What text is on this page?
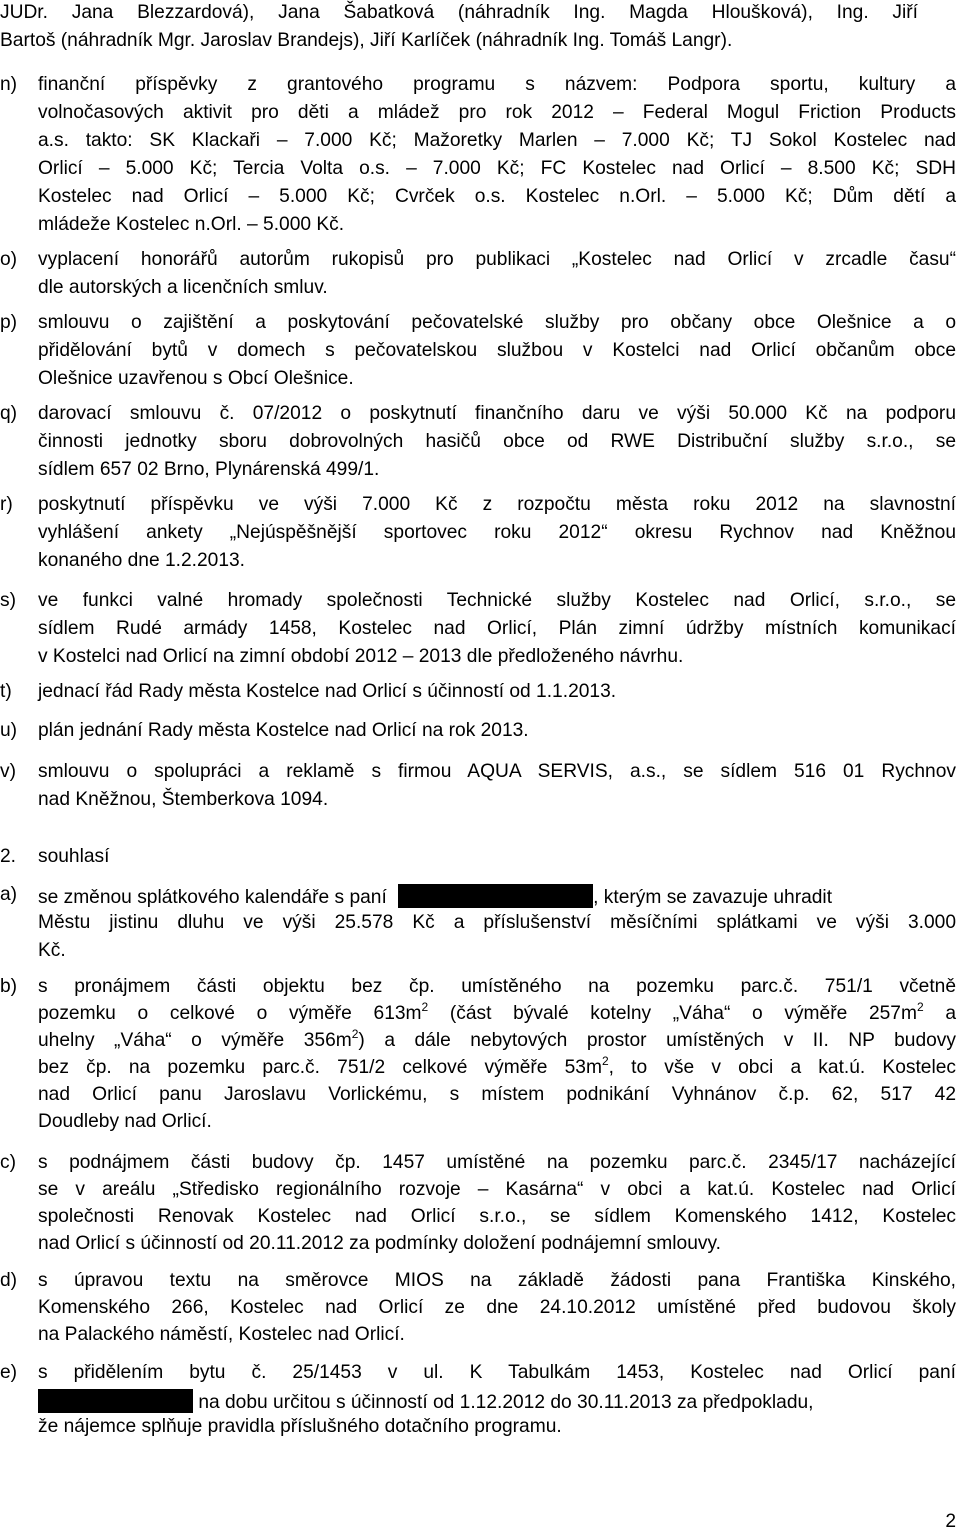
JUDr. Jana Blezzardová), Jana Šabatková (náhradník Ing. Magda Hloušková), Ing. Jiří
Bartoš (náhradník Mgr. Jaroslav Brandejs), Jiří Karlíček (náhradník Ing. Tomáš Langr).
n) finanční příspěvky z grantového programu s názvem: Podpora sportu, kultury a
volnočasových aktivit pro děti a mládež pro rok 2012 – Federal Mogul Friction Products
a.s. takto: SK Klackaři – 7.000 Kč; Mažoretky Marlen – 7.000 Kč; TJ Sokol Kostelec nad
Orlicí – 5.000 Kč; Tercia Volta o.s. – 7.000 Kč; FC Kostelec nad Orlicí – 8.500 Kč; SDH
Kostelec nad Orlicí – 5.000 Kč; Cvrček o.s. Kostelec n.Orl. – 5.000 Kč; Dům dětí a
mládeže Kostelec n.Orl. – 5.000 Kč.
o) vyplacení honorářů autorům rukopisů pro publikaci „Kostelec nad Orlicí v zrcadle času“
dle autorských a licenčních smluv.
p) smlouvu o zajištění a poskytování pečovatelské služby pro občany obce Olešnice a o
přidělování bytů v domech s pečovatelskou službou v Kostelci nad Orlicí občanům obce
Olešnice uzavřenou s Obcí Olešnice.
q) darovací smlouvu č. 07/2012 o poskytnutí finančního daru ve výši 50.000 Kč na podporu
činnosti jednotky sboru dobrovolných hasičů obce od RWE Distribuční služby s.r.o., se
sídlem 657 02 Brno, Plynárenská 499/1.
r) poskytnutí příspěvku ve výši 7.000 Kč z rozpočtu města roku 2012 na slavnostní
vyhlášení ankety „Nejúspěšnější sportovec roku 2012“ okresu Rychnov nad Kněžnou
konaného dne 1.2.2013.
s) ve funkci valné hromady společnosti Technické služby Kostelec nad Orlicí, s.r.o., se
sídlem Rudé armády 1458, Kostelec nad Orlicí, Plán zimní údržby místních komunikací
v Kostelci nad Orlicí na zimní období 2012 – 2013 dle předloženého návrhu.
t) jednací řád Rady města Kostelce nad Orlicí s účinností od 1.1.2013.
u) plán jednání Rady města Kostelce nad Orlicí na rok 2013.
v) smlouvu o spolupráci a reklamě s firmou AQUA SERVIS, a.s., se sídlem 516 01 Rychnov
nad Kněžnou, Štemberkova 1094.
2. souhlasí
a) se změnou splátkového kalendáře s paní	, kterým se zavazuje uhradit
Městu jistinu dluhu ve výši 25.578 Kč a příslušenství měsíčními splátkami ve výši 3.000
Kč.
b) s pronájmem části objektu bez čp. umístěného na pozemku parc.č. 751/1 včetně
pozemku o celkové o výměře $613m^2$ (část bývalé kotelny „Váha“ o výměře $257m^2$ a
uhelny „Váha“ o výměře $356m^2$) a dále nebytových prostor umístěných v II. NP budovy
bez čp. na pozemku parc.č. 751/2 celkové výměře $53m^2$, to vše v obci a kat.ú. Kostelec
nad Orlicí panu Jaroslavu Vorlickému, s místem podnikání Vyhnánov č.p. 62, 517 42
Doudleby nad Orlicí.
c) s podnájmem části budovy čp. 1457 umístěné na pozemku parc.č. 2345/17 nacházející
se v areálu „Středisko regionálního rozvoje – Kasárna“ v obci a kat.ú. Kostelec nad Orlicí
společnosti Renovak Kostelec nad Orlicí s.r.o., se sídlem Komenského 1412, Kostelec
nad Orlicí s účinností od 20.11.2012 za podmínky doložení podnájemní smlouvy.
d) s úpravou textu na směrovce MIOS na základě žádosti pana Františka Kinského,
Komenského 266, Kostelec nad Orlicí ze dne 24.10.2012 umístěné před budovou školy
na Palackého náměstí, Kostelec nad Orlicí.
e) s přidělením bytu č. 25/1453 v ul. K Tabulkám 1453, Kostelec nad Orlicí paní
na dobu určitou s účinností od 1.12.2012 do 30.11.2013 za předpokladu,
že nájemce splňuje pravidla příslušného dotačního programu.
2
